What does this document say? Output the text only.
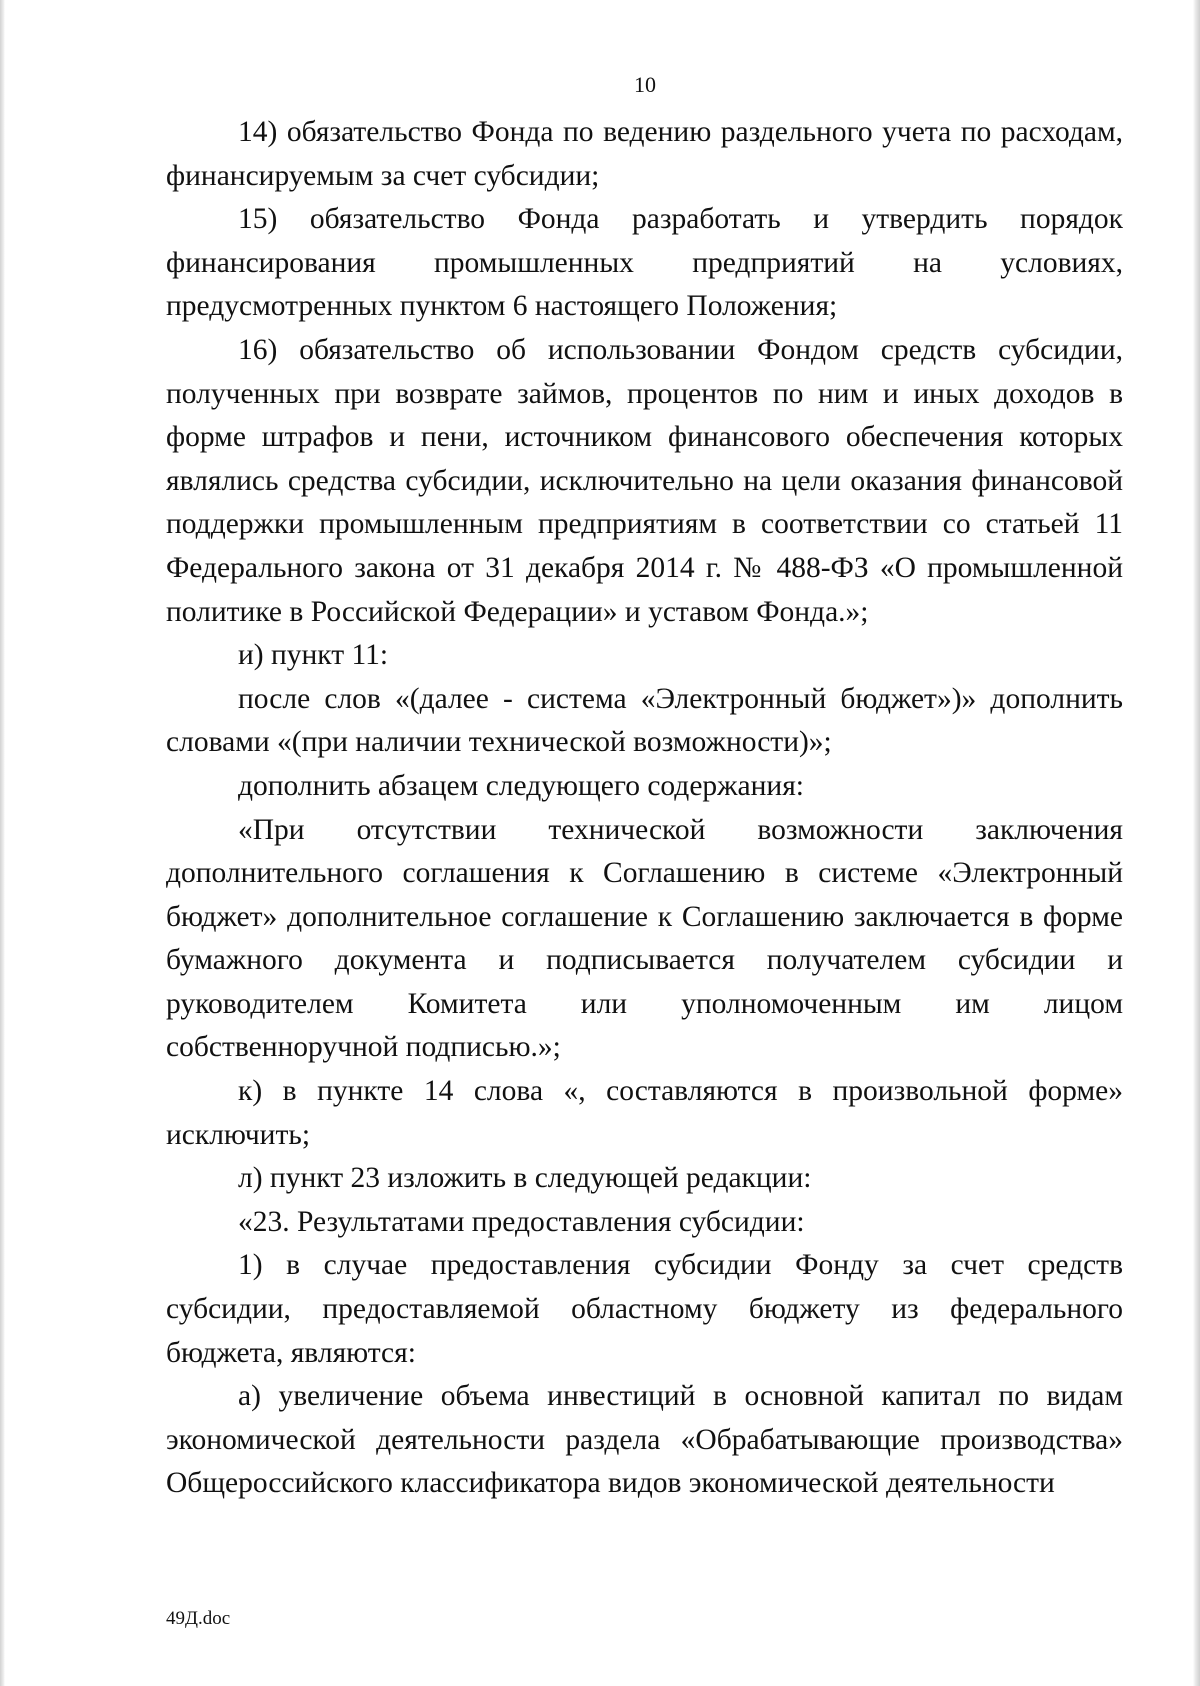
10

14) обязательство Фонда по ведению раздельного учета по расходам, финансируемым за счет субсидии;

15) обязательство Фонда разработать и утвердить порядок финансирования промышленных предприятий на условиях, предусмотренных пунктом 6 настоящего Положения;

16) обязательство об использовании Фондом средств субсидии, полученных при возврате займов, процентов по ним и иных доходов в форме штрафов и пени, источником финансового обеспечения которых являлись средства субсидии, исключительно на цели оказания финансовой поддержки промышленным предприятиям в соответствии со статьей 11 Федерального закона от 31 декабря 2014 г. № 488-ФЗ «О промышленной политике в Российской Федерации» и уставом Фонда.»;

и) пункт 11:

после слов «(далее - система «Электронный бюджет»)» дополнить словами «(при наличии технической возможности)»;

дополнить абзацем следующего содержания:

«При отсутствии технической возможности заключения дополнительного соглашения к Соглашению в системе «Электронный бюджет» дополнительное соглашение к Соглашению заключается в форме бумажного документа и подписывается получателем субсидии и руководителем Комитета или уполномоченным им лицом собственноручной подписью.»;

к) в пункте 14 слова «, составляются в произвольной форме» исключить;

л) пункт 23 изложить в следующей редакции:

«23. Результатами предоставления субсидии:

1) в случае предоставления субсидии Фонду за счет средств субсидии, предоставляемой областному бюджету из федерального бюджета, являются:

а) увеличение объема инвестиций в основной капитал по видам экономической деятельности раздела «Обрабатывающие производства» Общероссийского классификатора видов экономической деятельности

49Д.doc
